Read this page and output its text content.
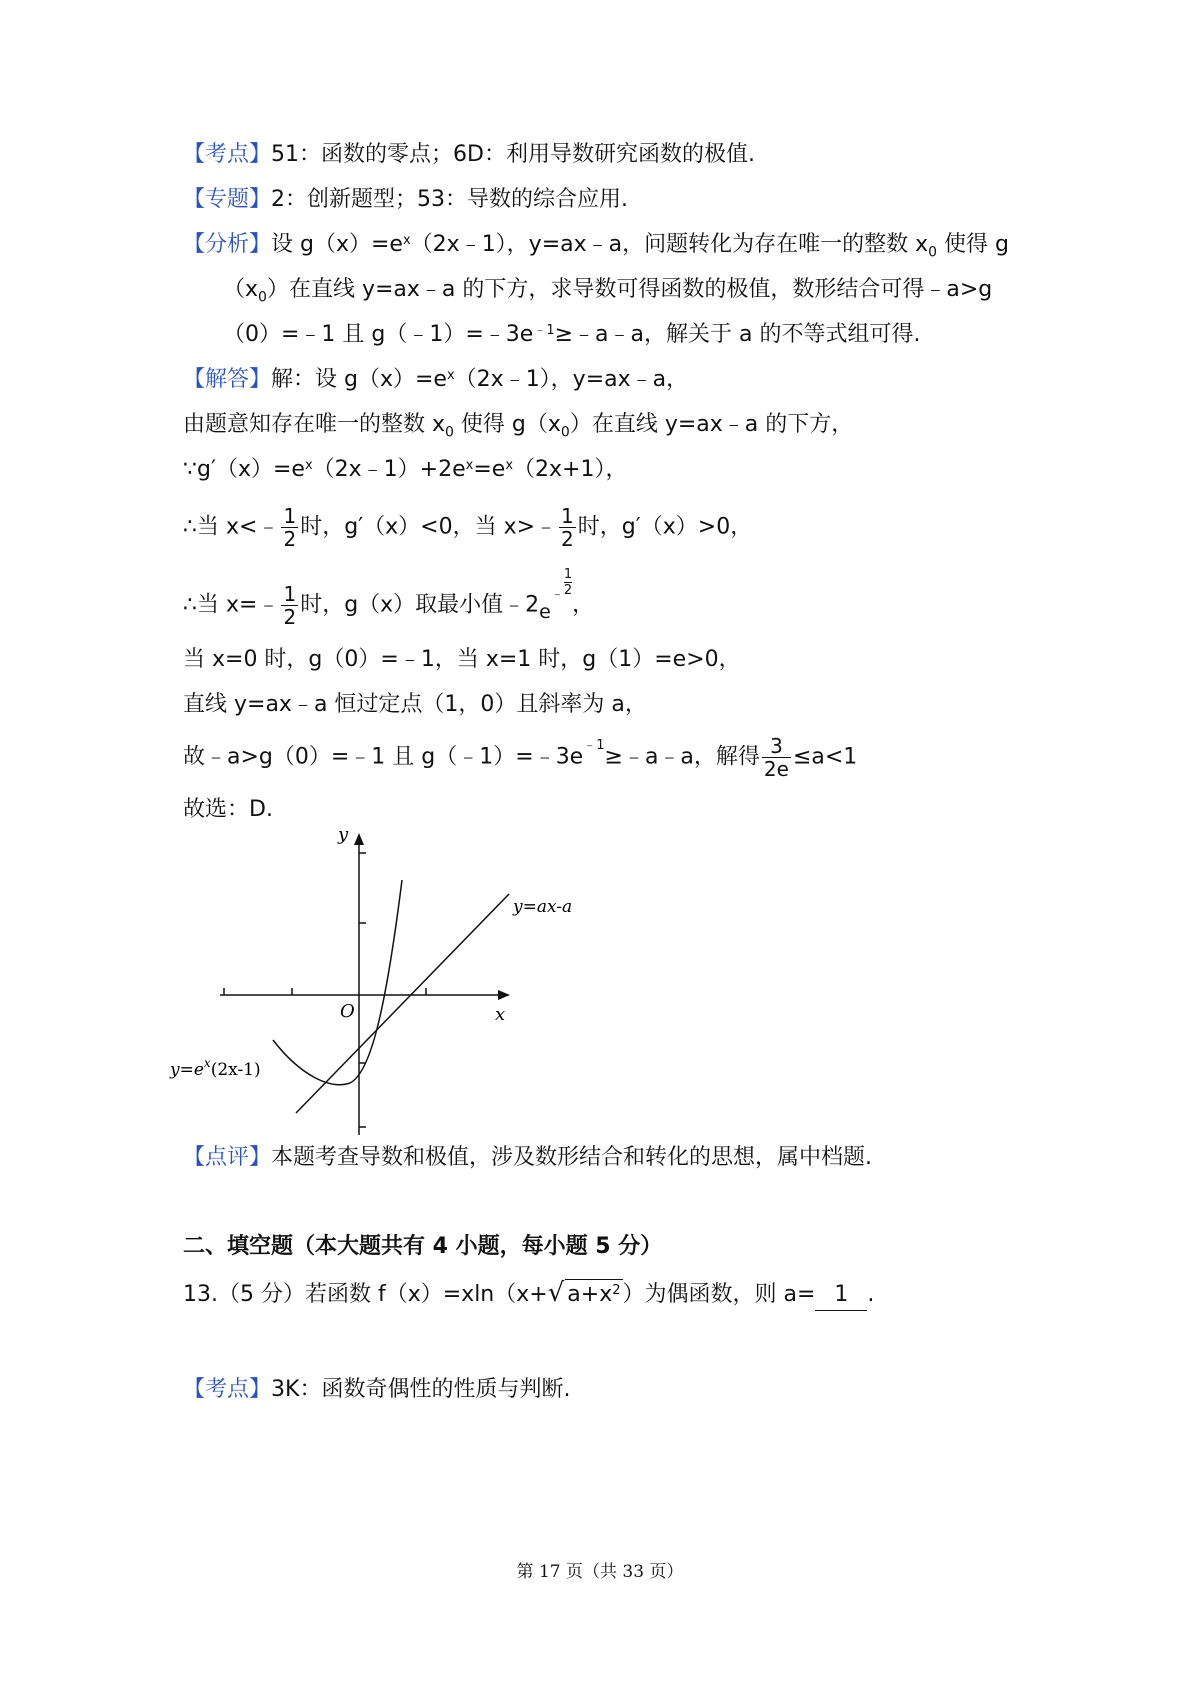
【考点】51：函数的零点；6D：利用导数研究函数的极值.
【专题】2：创新题型；53：导数的综合应用.
【分析】设 $g(x)=e^x(2x﹣1)$，y=ax﹣a，问题转化为存在唯一的整数 $x_0$ 使得 g
$(x_0)$在直线 y=ax﹣a 的下方，求导数可得函数的极值，数形结合可得﹣a>g
（0）=﹣1 且 $g(﹣1)=﹣3e^{﹣1}\ge﹣a﹣a$，解关于 a 的不等式组可得.
【解答】解：设 $g(x)=e^x(2x﹣1)$，y=ax﹣a，
由题意知存在唯一的整数 $x_0$ 使得 $g(x_0)$在直线 y=ax﹣a 的下方，
$\because g'(x)=e^x(2x﹣1)+2e^x=e^x(2x+1)$，
∴当 x<﹣ $\frac{1}{2}$ 时，g′（x）<0，当 x>﹣ $\frac{1}{2}$ 时，g′（x）>0，
∴当 x=﹣ $\frac{1}{2}$ 时，g（x）取最小值﹣2e﹣ $\frac{1}{2}$
，
当 x=0 时，g（0）=﹣1，当 x=1 时，g（1）=e>0，
直线 y=ax﹣a 恒过定点（1，0）且斜率为 a，
故﹣a>g（0）=﹣1 且 $g(﹣1)=﹣3e^{﹣1}\ge﹣a﹣a$，解得 $\frac{3}{2e} \le a<1$
故选：D.
y
x
O
y=ax-a
$y=e^x(2x-1)$
【点评】本题考查导数和极值，涉及数形结合和转化的思想，属中档题.
二、填空题（本大题共有 4 小题，每小题 5 分）
13.（5 分）若函数 f（x）=xln（x+√ $a+x^2$）为偶函数，则 a= 1 .
【考点】3K：函数奇偶性的性质与判断.
第 17 页（共 33 页）
